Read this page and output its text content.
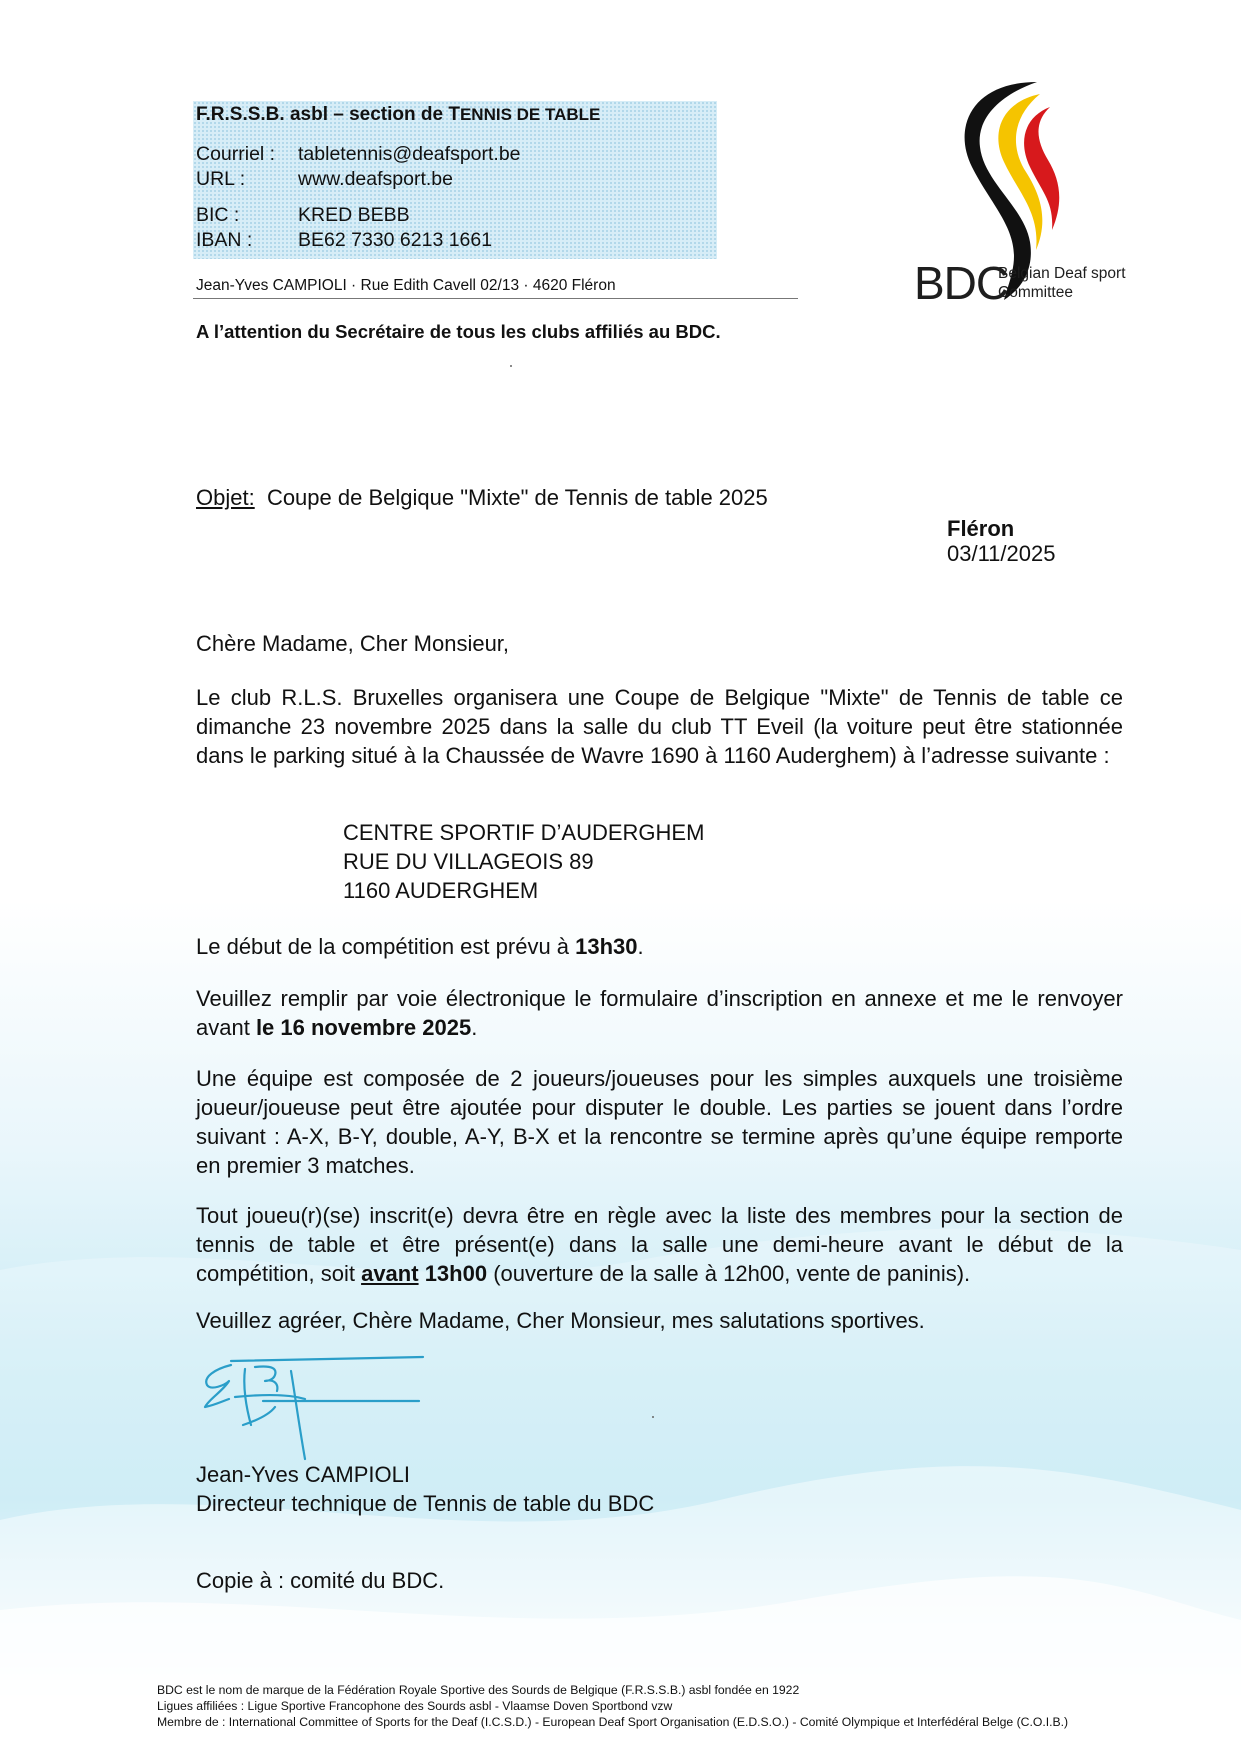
F.R.S.S.B. asbl – section de TENNIS DE TABLE
Courriel : tabletennis@deafsport.be
URL :	www.deafsport.be
BIC :	KRED BEBB
IBAN : BE62 7330 6213 1661
Jean-Yves CAMPIOLI · Rue Edith Cavell 02/13 · 4620 Fléron
A l’attention du Secrétaire de tous les clubs affiliés au BDC.
BDC
Belgian Deaf sport
Committee
Objet: Coupe de Belgique "Mixte" de Tennis de table 2025
Fléron
03/11/2025
Chère Madame, Cher Monsieur,
Le club R.L.S. Bruxelles organisera une Coupe de Belgique "Mixte" de Tennis de table ce dimanche 23 novembre 2025 dans la salle du club TT Eveil (la voiture peut être stationnée dans le parking situé à la Chaussée de Wavre 1690 à 1160 Auderghem) à l’adresse suivante :
CENTRE SPORTIF D’AUDERGHEM
RUE DU VILLAGEOIS 89
1160 AUDERGHEM
Le début de la compétition est prévu à 13h30.
Veuillez remplir par voie électronique le formulaire d’inscription en annexe et me le renvoyer avant le 16 novembre 2025.
Une équipe est composée de 2 joueurs/joueuses pour les simples auxquels une troisième joueur/joueuse peut être ajoutée pour disputer le double. Les parties se jouent dans l’ordre suivant : A-X, B-Y, double, A-Y, B-X et la rencontre se termine après qu’une équipe remporte en premier 3 matches.
Tout joueu(r)(se) inscrit(e) devra être en règle avec la liste des membres pour la section de tennis de table et être présent(e) dans la salle une demi-heure avant le début de la compétition, soit avant 13h00 (ouverture de la salle à 12h00, vente de paninis).
Veuillez agréer, Chère Madame, Cher Monsieur, mes salutations sportives.
Jean-Yves CAMPIOLI
Directeur technique de Tennis de table du BDC
Copie à : comité du BDC.
BDC est le nom de marque de la Fédération Royale Sportive des Sourds de Belgique (F.R.S.S.B.) asbl fondée en 1922
Ligues affiliées : Ligue Sportive Francophone des Sourds asbl - Vlaamse Doven Sportbond vzw
Membre de : International Committee of Sports for the Deaf (I.C.S.D.) - European Deaf Sport Organisation (E.D.S.O.) - Comité Olympique et Interfédéral Belge (C.O.I.B.)
